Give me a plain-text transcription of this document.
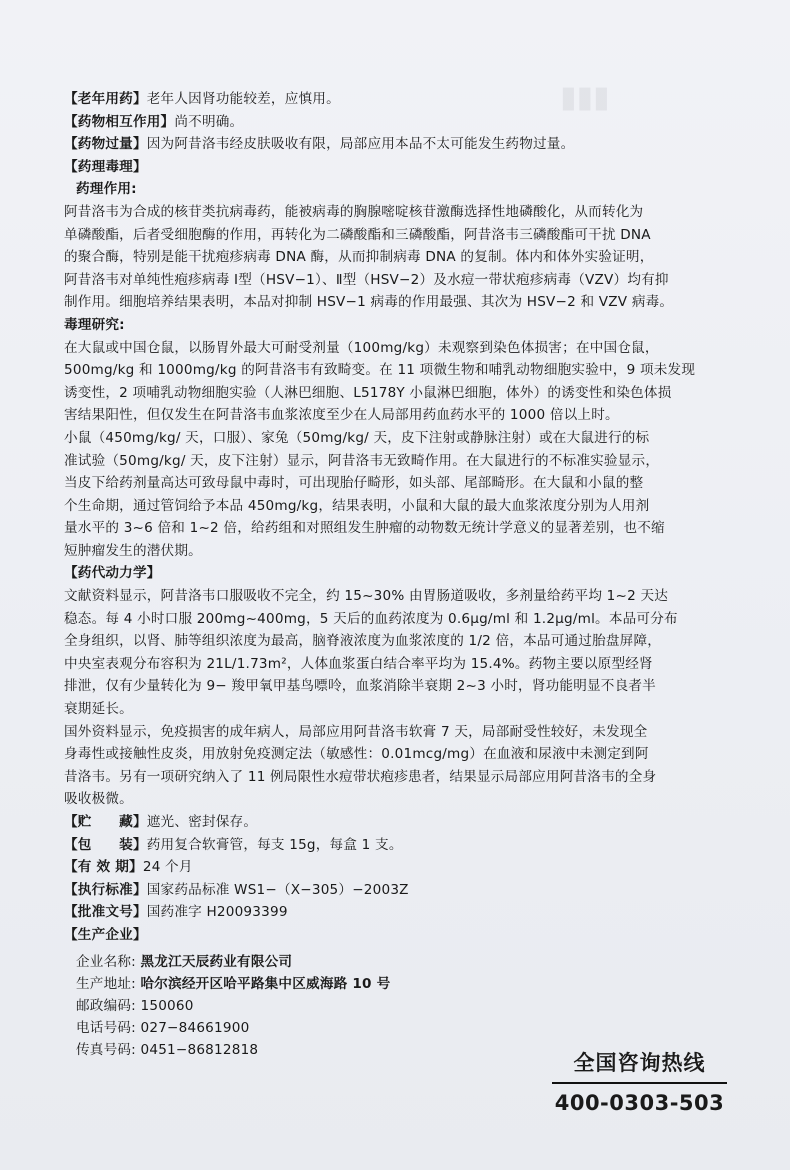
▮▮▮
【老年用药】老年人因肾功能较差，应慎用。
【药物相互作用】尚不明确。
【药物过量】因为阿昔洛韦经皮肤吸收有限，局部应用本品不太可能发生药物过量。
【药理毒理】
药理作用:
阿昔洛韦为合成的核苷类抗病毒药，能被病毒的胸腺嘧啶核苷激酶选择性地磷酸化，从而转化为
单磷酸酯，后者受细胞酶的作用，再转化为二磷酸酯和三磷酸酯，阿昔洛韦三磷酸酯可干扰 DNA
的聚合酶，特别是能干扰疱疹病毒 DNA 酶，从而抑制病毒 DNA 的复制。体内和体外实验证明，
阿昔洛韦对单纯性疱疹病毒 Ⅰ型（HSV−1）、Ⅱ型（HSV−2）及水痘一带状疱疹病毒（VZV）均有抑
制作用。细胞培养结果表明，本品对抑制 HSV−1 病毒的作用最强、其次为 HSV−2 和 VZV 病毒。
毒理研究:
在大鼠或中国仓鼠，以肠胃外最大可耐受剂量（100mg/kg）未观察到染色体损害；在中国仓鼠，
500mg/kg 和 1000mg/kg 的阿昔洛韦有致畸变。在 11 项微生物和哺乳动物细胞实验中，9 项未发现
诱变性，2 项哺乳动物细胞实验（人淋巴细胞、L5178Y 小鼠淋巴细胞，体外）的诱变性和染色体损
害结果阳性，但仅发生在阿昔洛韦血浆浓度至少在人局部用药血药水平的 1000 倍以上时。
小鼠（450mg/kg/ 天，口服）、家兔（50mg/kg/ 天，皮下注射或静脉注射）或在大鼠进行的标
准试验（50mg/kg/ 天，皮下注射）显示，阿昔洛韦无致畸作用。在大鼠进行的不标准实验显示，
当皮下给药剂量高达可致母鼠中毒时，可出现胎仔畸形，如头部、尾部畸形。在大鼠和小鼠的整
个生命期，通过管饲给予本品 450mg/kg，结果表明，小鼠和大鼠的最大血浆浓度分别为人用剂
量水平的 3~6 倍和 1~2 倍，给药组和对照组发生肿瘤的动物数无统计学意义的显著差别，也不缩
短肿瘤发生的潜伏期。
【药代动力学】
文献资料显示，阿昔洛韦口服吸收不完全，约 15~30% 由胃肠道吸收，多剂量给药平均 1~2 天达
稳态。每 4 小时口服 200mg~400mg，5 天后的血药浓度为 0.6μg/ml 和 1.2μg/ml。本品可分布
全身组织，以肾、肺等组织浓度为最高，脑脊液浓度为血浆浓度的 1/2 倍，本品可通过胎盘屏障，
中央室表观分布容积为 21L/1.73m²，人体血浆蛋白结合率平均为 15.4%。药物主要以原型经肾
排泄，仅有少量转化为 9− 羧甲氧甲基鸟嘌呤，血浆消除半衰期 2~3 小时，肾功能明显不良者半
衰期延长。
国外资料显示，免疫损害的成年病人，局部应用阿昔洛韦软膏 7 天，局部耐受性较好，未发现全
身毒性或接触性皮炎，用放射免疫测定法（敏感性：0.01mcg/mg）在血液和尿液中未测定到阿
昔洛韦。另有一项研究纳入了 11 例局限性水痘带状疱疹患者，结果显示局部应用阿昔洛韦的全身
吸收极微。
【贮　　藏】遮光、密封保存。
【包　　装】药用复合软膏管，每支 15g，每盒 1 支。
【有 效 期】24 个月
【执行标准】国家药品标准 WS1−（X−305）−2003Z
【批准文号】国药准字 H20093399
【生产企业】
企业名称: 黑龙江天辰药业有限公司
生产地址: 哈尔滨经开区哈平路集中区威海路 10 号
邮政编码: 150060
电话号码: 027−84661900
传真号码: 0451−86812818
全国咨询热线
400-0303-503
